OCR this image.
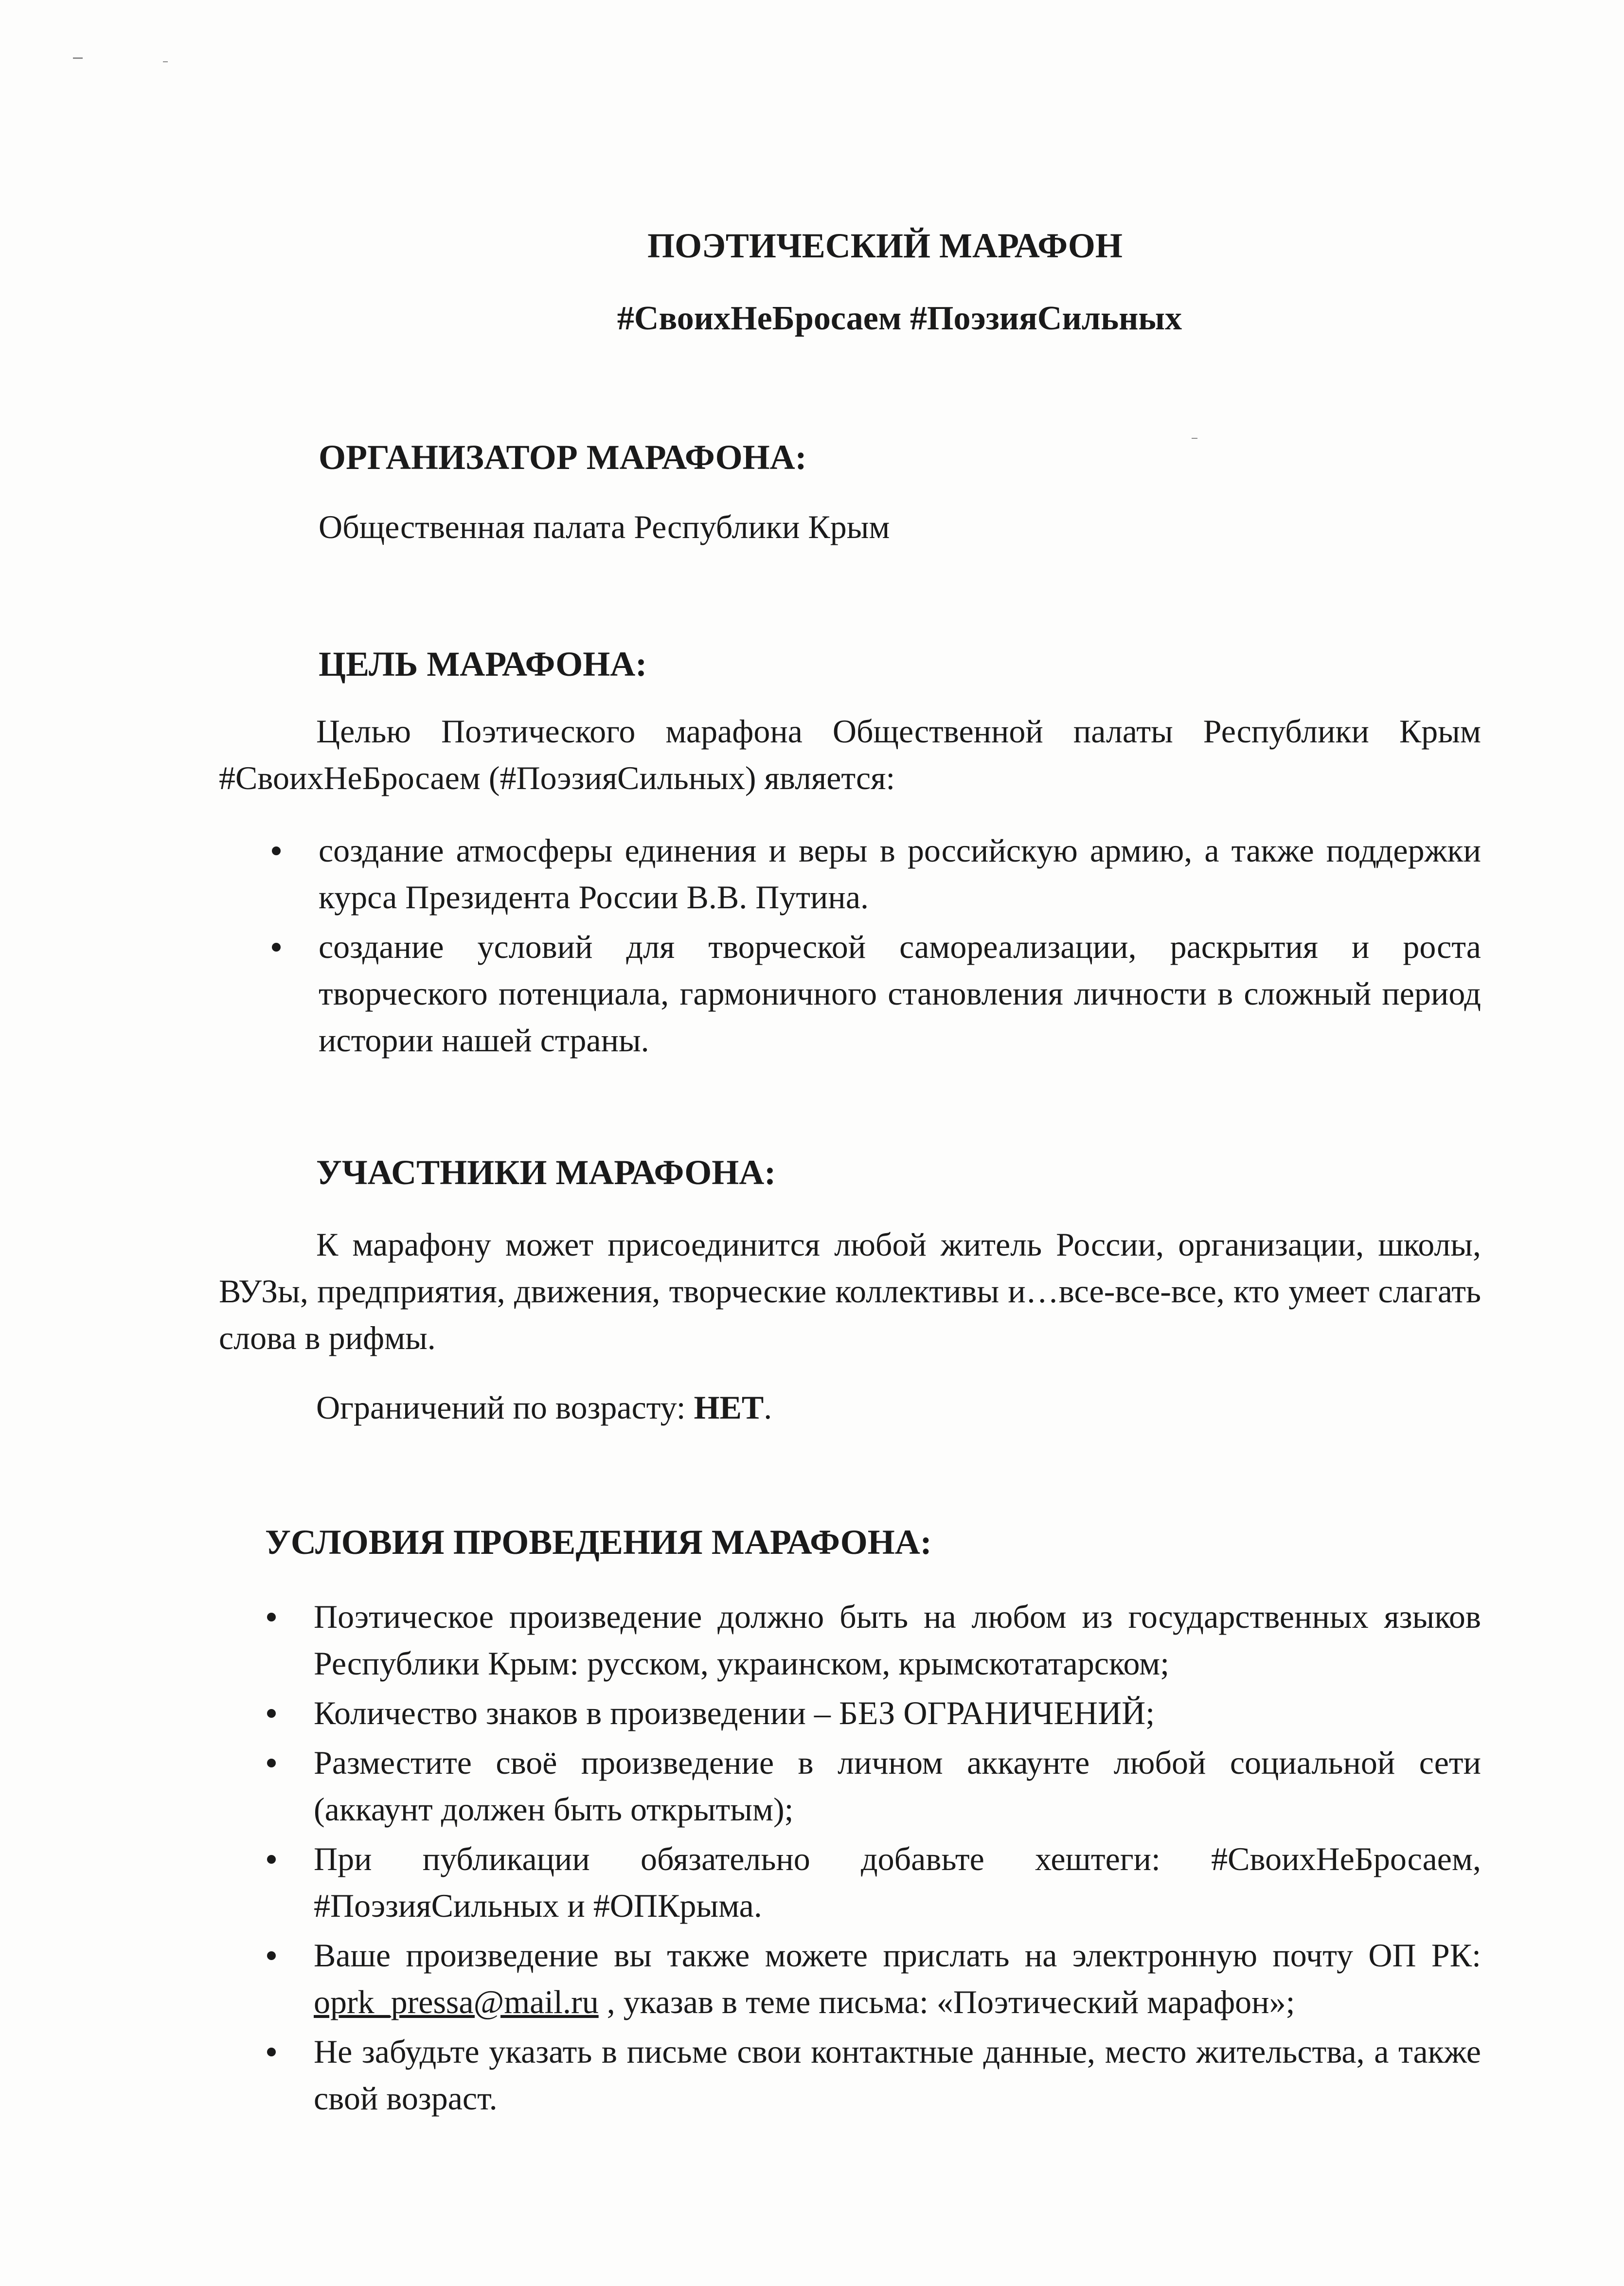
ПОЭТИЧЕСКИЙ МАРАФОН
#СвоихНеБросаем #ПоэзияСильных
ОРГАНИЗАТОР МАРАФОНА:

Общественная палата Республики Крым

ЦЕЛЬ МАРАФОНА:

Целью Поэтического марафона Общественной палаты Республики Крым #СвоихНеБросаем (#ПоэзияСильных) является:

создание атмосферы единения и веры в российскую армию, а также поддержки курса Президента России В.В. Путина.
создание условий для творческой самореализации, раскрытия и роста творческого потенциала, гармоничного становления личности в сложный период истории нашей страны.
УЧАСТНИКИ МАРАФОНА:

К марафону может присоединится любой житель России, организации, школы, ВУЗы, предприятия, движения, творческие коллективы и…все-все-все, кто умеет слагать слова в рифмы.

Ограничений по возрасту: НЕТ.

УСЛОВИЯ ПРОВЕДЕНИЯ МАРАФОНА:
Поэтическое произведение должно быть на любом из государственных языков Республики Крым: русском, украинском, крымскотатарском;
Количество знаков в произведении – БЕЗ ОГРАНИЧЕНИЙ;
Разместите своё произведение в личном аккаунте любой социальной сети (аккаунт должен быть открытым);
При публикации обязательно добавьте хештеги: #СвоихНеБросаем, #ПоэзияСильных и #ОПКрыма.
Ваше произведение вы также можете прислать на электронную почту ОП РК: oprk_pressa@mail.ru , указав в теме письма: «Поэтический марафон»;
Не забудьте указать в письме свои контактные данные, место жительства, а также свой возраст.
